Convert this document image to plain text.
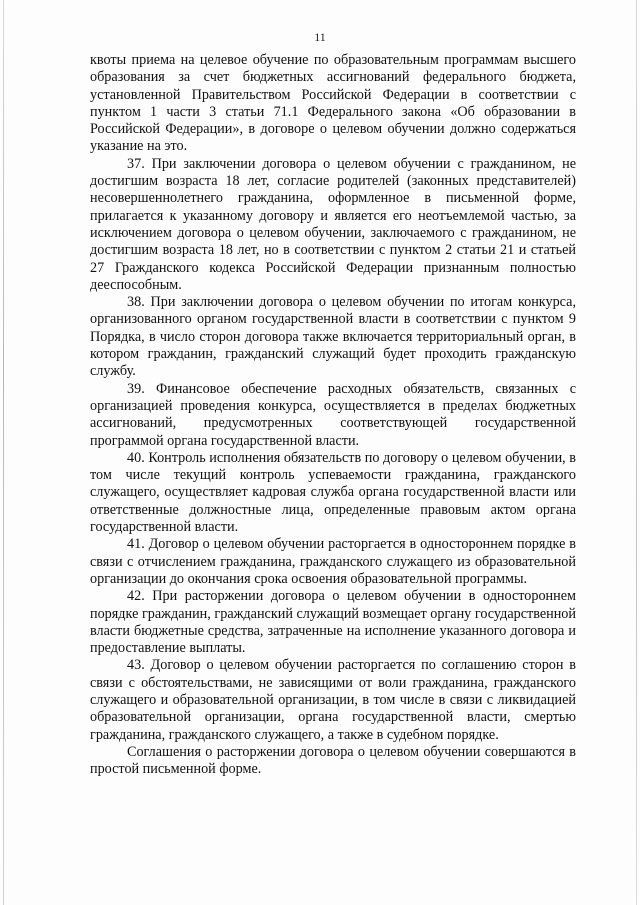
11

квоты приема на целевое обучение по образовательным программам высшего образования за счет бюджетных ассигнований федерального бюджета, установленной Правительством Российской Федерации в соответствии с пунктом 1 части 3 статьи 71.1 Федерального закона «Об образовании в Российской Федерации», в договоре о целевом обучении должно содержаться указание на это.

37. При заключении договора о целевом обучении с гражданином, не достигшим возраста 18 лет, согласие родителей (законных представителей) несовершеннолетнего гражданина, оформленное в письменной форме, прилагается к указанному договору и является его неотъемлемой частью, за исключением договора о целевом обучении, заключаемого с гражданином, не достигшим возраста 18 лет, но в соответствии с пунктом 2 статьи 21 и статьей 27 Гражданского кодекса Российской Федерации признанным полностью дееспособным.

38. При заключении договора о целевом обучении по итогам конкурса, организованного органом государственной власти в соответствии с пунктом 9 Порядка, в число сторон договора также включается территориальный орган, в котором гражданин, гражданский служащий будет проходить гражданскую службу.

39. Финансовое обеспечение расходных обязательств, связанных с организацией проведения конкурса, осуществляется в пределах бюджетных ассигнований, предусмотренных соответствующей государственной программой органа государственной власти.

40. Контроль исполнения обязательств по договору о целевом обучении, в том числе текущий контроль успеваемости гражданина, гражданского служащего, осуществляет кадровая служба органа государственной власти или ответственные должностные лица, определенные правовым актом органа государственной власти.

41. Договор о целевом обучении расторгается в одностороннем порядке в связи с отчислением гражданина, гражданского служащего из образовательной организации до окончания срока освоения образовательной программы.

42. При расторжении договора о целевом обучении в одностороннем порядке гражданин, гражданский служащий возмещает органу государственной власти бюджетные средства, затраченные на исполнение указанного договора и предоставление выплаты.

43. Договор о целевом обучении расторгается по соглашению сторон в связи с обстоятельствами, не зависящими от воли гражданина, гражданского служащего и образовательной организации, в том числе в связи с ликвидацией образовательной организации, органа государственной власти, смертью гражданина, гражданского служащего, а также в судебном порядке.

Соглашения о расторжении договора о целевом обучении совершаются в простой письменной форме.
